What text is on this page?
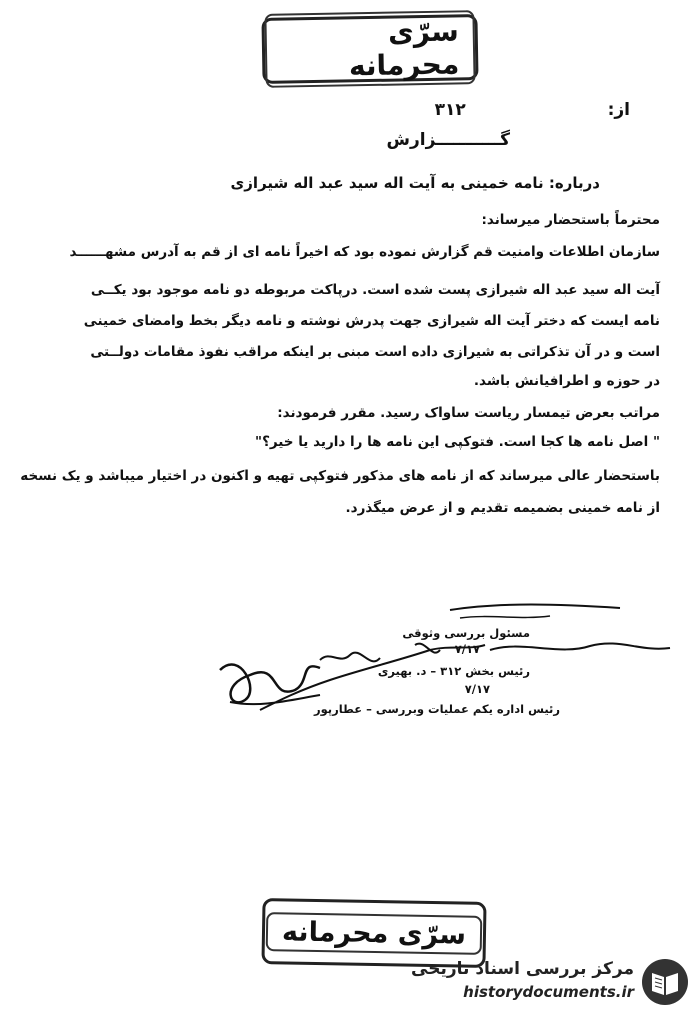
سرّی محرمانه
از:  ۳۱۲
گـــــــــــزارش
درباره: نامه خمینی به آیت اله سید عبد اله شیرازی
محترماً باستحضار میرساند:
سازمان اطلاعات وامنیت قم گزارش نموده بود که اخیراً نامه ای از قم به آدرس مشهــــــد
آیت اله سید عبد اله شیرازی پست شده است. درپاکت مربوطه دو نامه موجود بود یکــی
نامه ایست که دختر آیت اله شیرازی جهت پدرش نوشته و نامه دیگر بخط وامضای خمینی
است و در آن تذکراتی به شیرازی داده است مبنی بر اینکه مراقب نفوذ مقامات دولــتی
در حوزه و اطرافیانش باشد.
مراتب بعرض تیمسار ریاست ساواک رسید. مقرر فرمودند:
" اصل نامه ها کجا است. فتوکپی این نامه ها را دارید یا خیر؟"
باستحضار عالی میرساند که از نامه های مذکور فتوکپی تهیه و اکنون در اختیار میباشد و یک نسخه
از نامه خمینی بضمیمه تقدیم و از عرض میگذرد.
مسئول بررسی وثوقی
۷/۱۷
رئیس بخش ۳۱۲ – د. بهیری
۷/۱۷
رئیس اداره یکم عملیات وبررسی – عطارپور
سرّی محرمانه
مرکز بررسی اسناد تاریخی
historydocuments.ir
